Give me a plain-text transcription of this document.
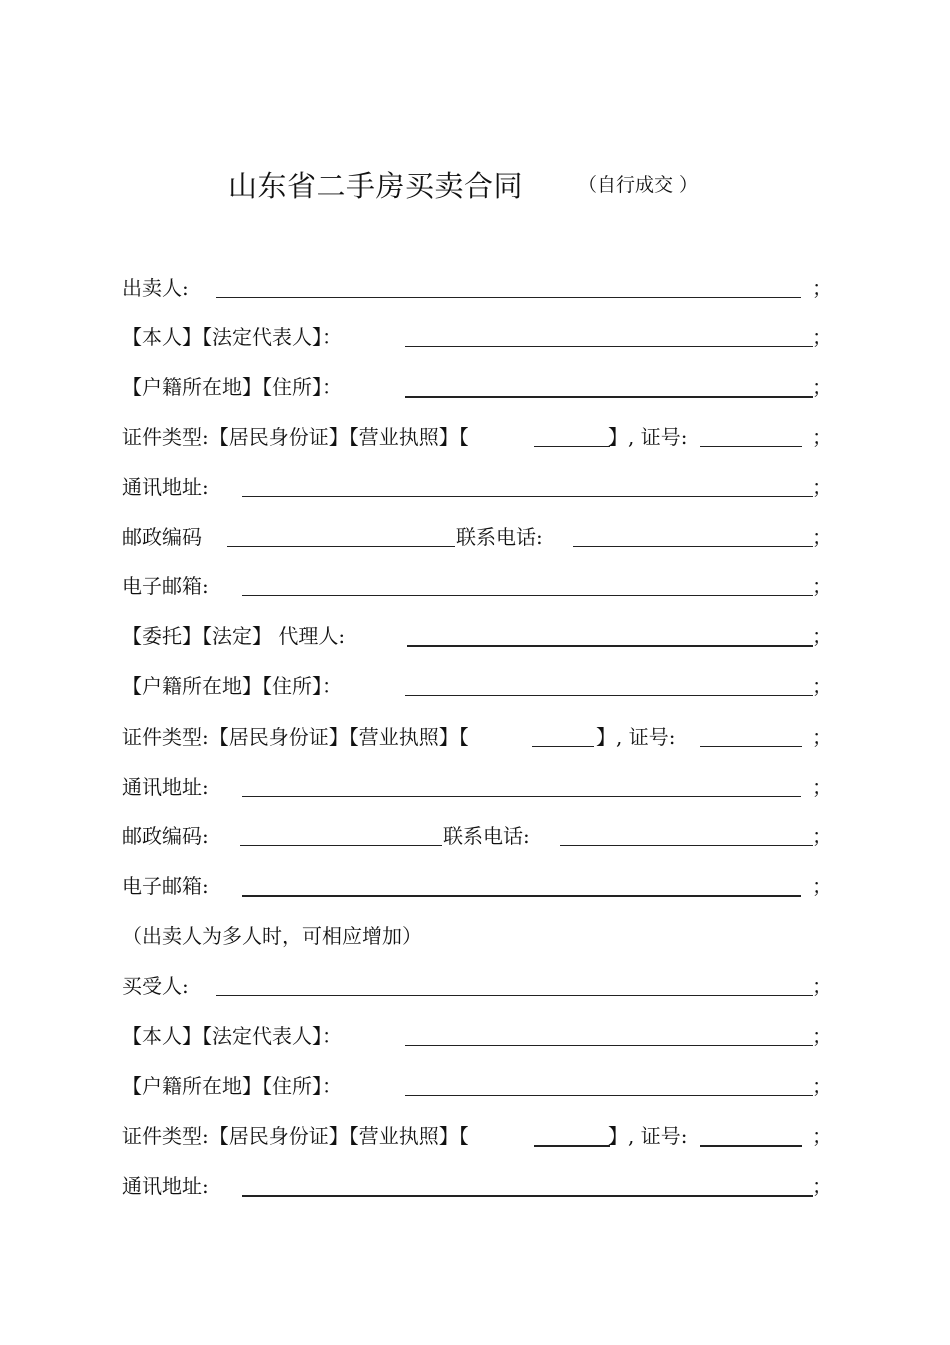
山东省二手房买卖合同	（自行成交 ）
出卖人:	；
【本人】【法定代表人】：	；
【户籍所在地】【住所】：	；
证件类型:【居民身份证】【营业执照】【	】, 证号:	；
通讯地址:	；
邮政编码	联系电话:	；
电子邮箱:	；
【委托】【法定】 代理人:	；
【户籍所在地】【住所】：	；
证件类型:【居民身份证】【营业执照】【	】, 证号:	；
通讯地址:	；
邮政编码:	联系电话:	；
电子邮箱:	；
（出卖人为多人时，可相应增加）
买受人:	；
【本人】【法定代表人】：	；
【户籍所在地】【住所】：	；
证件类型:【居民身份证】【营业执照】【	】, 证号:	；
通讯地址:	；
